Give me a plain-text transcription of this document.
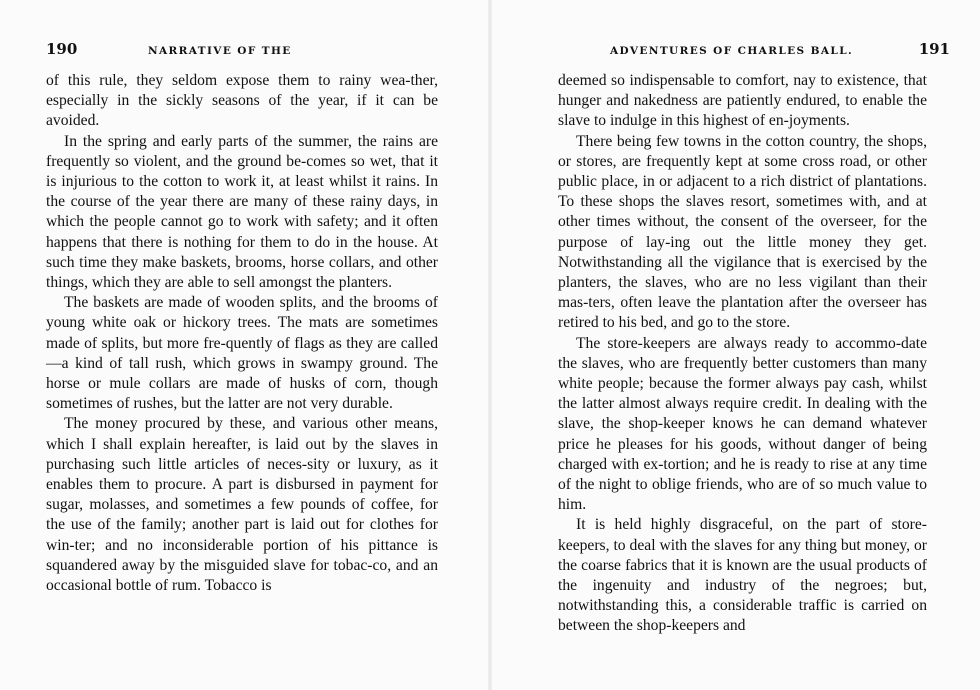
190	NARRATIVE OF THE

of this rule, they seldom expose them to rainy wea-ther, especially in the sickly seasons of the year, if it can be avoided.

In the spring and early parts of the summer, the rains are frequently so violent, and the ground be-comes so wet, that it is injurious to the cotton to work it, at least whilst it rains. In the course of the year there are many of these rainy days, in which the people cannot go to work with safety; and it often happens that there is nothing for them to do in the house. At such time they make baskets, brooms, horse collars, and other things, which they are able to sell amongst the planters.

The baskets are made of wooden splits, and the brooms of young white oak or hickory trees. The mats are sometimes made of splits, but more fre-quently of flags as they are called—a kind of tall rush, which grows in swampy ground. The horse or mule collars are made of husks of corn, though sometimes of rushes, but the latter are not very durable.

The money procured by these, and various other means, which I shall explain hereafter, is laid out by the slaves in purchasing such little articles of neces-sity or luxury, as it enables them to procure. A part is disbursed in payment for sugar, molasses, and sometimes a few pounds of coffee, for the use of the family; another part is laid out for clothes for win-ter; and no inconsiderable portion of his pittance is squandered away by the misguided slave for tobac-co, and an occasional bottle of rum. Tobacco is

ADVENTURES OF CHARLES BALL.	191

deemed so indispensable to comfort, nay to existence, that hunger and nakedness are patiently endured, to enable the slave to indulge in this highest of en-joyments.

There being few towns in the cotton country, the shops, or stores, are frequently kept at some cross road, or other public place, in or adjacent to a rich district of plantations. To these shops the slaves resort, sometimes with, and at other times without, the consent of the overseer, for the purpose of lay-ing out the little money they get. Notwithstanding all the vigilance that is exercised by the planters, the slaves, who are no less vigilant than their mas-ters, often leave the plantation after the overseer has retired to his bed, and go to the store.

The store-keepers are always ready to accommo-date the slaves, who are frequently better customers than many white people; because the former always pay cash, whilst the latter almost always require credit. In dealing with the slave, the shop-keeper knows he can demand whatever price he pleases for his goods, without danger of being charged with ex-tortion; and he is ready to rise at any time of the night to oblige friends, who are of so much value to him.

It is held highly disgraceful, on the part of store-keepers, to deal with the slaves for any thing but money, or the coarse fabrics that it is known are the usual products of the ingenuity and industry of the negroes; but, notwithstanding this, a considerable traffic is carried on between the shop-keepers and
